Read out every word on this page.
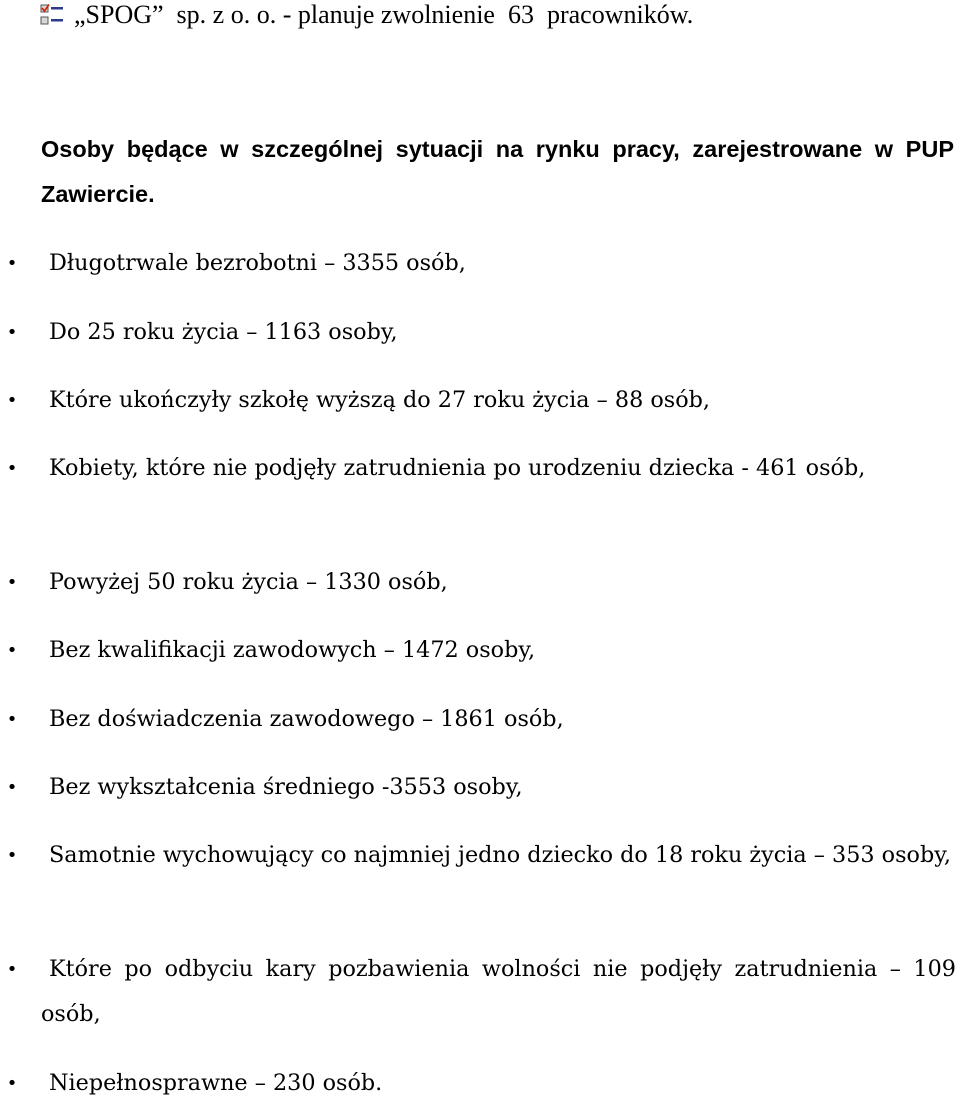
„SPOG”  sp. z o. o. - planuje zwolnienie  63  pracowników.
Osoby będące w szczególnej sytuacji na rynku pracy, zarejestrowane w PUP Zawiercie.
•	Długotrwale bezrobotni – 3355 osób,
•	Do 25 roku życia – 1163 osoby,
•	Które ukończyły szkołę wyższą do 27 roku życia – 88 osób,
•	Kobiety, które nie podjęły zatrudnienia po urodzeniu dziecka - 461 osób,
•	Powyżej 50 roku życia – 1330 osób,
•	Bez kwalifikacji zawodowych – 1472 osoby,
•	Bez doświadczenia zawodowego – 1861 osób,
•	Bez wykształcenia średniego -3553 osoby,
•	Samotnie wychowujący co najmniej jedno dziecko do 18 roku życia – 353 osoby,
•	Które po odbyciu kary pozbawienia wolności nie podjęły zatrudnienia – 109 osób,
•	Niepełnosprawne – 230 osób.
